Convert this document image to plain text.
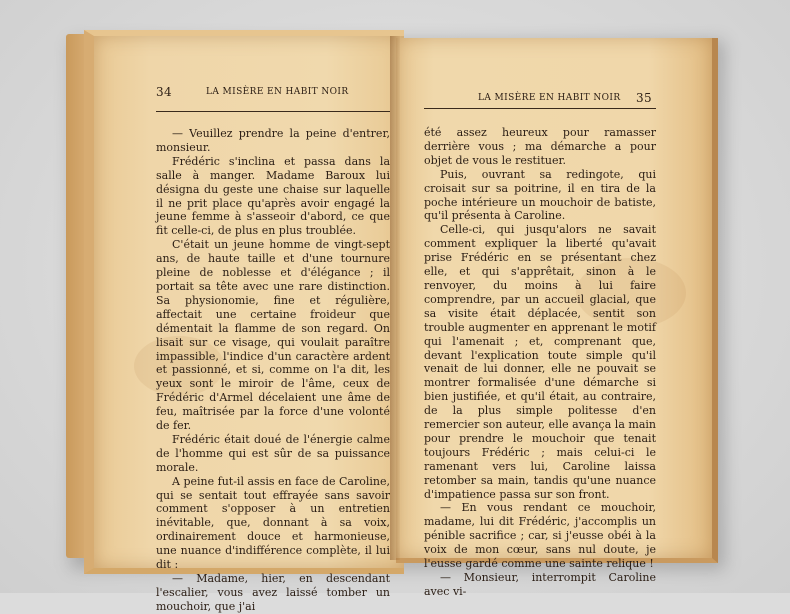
34	LA MISÈRE EN HABIT NOIR

— Veuillez prendre la peine d'entrer, monsieur.

Frédéric s'inclina et passa dans la salle à manger. Madame Baroux lui désigna du geste une chaise sur laquelle il ne prit place qu'après avoir engagé la jeune femme à s'asseoir d'abord, ce que fit celle-ci, de plus en plus troublée.

C'était un jeune homme de vingt-sept ans, de haute taille et d'une tournure pleine de noblesse et d'élégance ; il portait sa tête avec une rare distinction. Sa physionomie, fine et régulière, affectait une certaine froideur que démentait la flamme de son regard. On lisait sur ce visage, qui voulait paraître impassible, l'indice d'un caractère ardent et passionné, et si, comme on l'a dit, les yeux sont le miroir de l'âme, ceux de Frédéric d'Armel décelaient une âme de feu, maîtrisée par la force d'une volonté de fer.

Frédéric était doué de l'énergie calme de l'homme qui est sûr de sa puissance morale.

A peine fut-il assis en face de Caroline, qui se sentait tout effrayée sans savoir comment s'opposer à un entretien inévitable, que, donnant à sa voix, ordinairement douce et harmonieuse, une nuance d'indifférence complète, il lui dit :

— Madame, hier, en descendant l'escalier, vous avez laissé tomber un mouchoir, que j'ai

LA MISÈRE EN HABIT NOIR 35

été assez heureux pour ramasser derrière vous ; ma démarche a pour objet de vous le restituer.

Puis, ouvrant sa redingote, qui croisait sur sa poitrine, il en tira de la poche intérieure un mouchoir de batiste, qu'il présenta à Caroline.

Celle-ci, qui jusqu'alors ne savait comment expliquer la liberté qu'avait prise Frédéric en se présentant chez elle, et qui s'apprêtait, sinon à le renvoyer, du moins à lui faire comprendre, par un accueil glacial, que sa visite était déplacée, sentit son trouble augmenter en apprenant le motif qui l'amenait ; et, comprenant que, devant l'explication toute simple qu'il venait de lui donner, elle ne pouvait se montrer formalisée d'une démarche si bien justifiée, et qu'il était, au contraire, de la plus simple politesse d'en remercier son auteur, elle avança la main pour prendre le mouchoir que tenait toujours Frédéric ; mais celui-ci le ramenant vers lui, Caroline laissa retomber sa main, tandis qu'une nuance d'impatience passa sur son front.

— En vous rendant ce mouchoir, madame, lui dit Frédéric, j'accomplis un pénible sacrifice ; car, si j'eusse obéi à la voix de mon cœur, sans nul doute, je l'eusse gardé comme une sainte relique !

— Monsieur, interrompit Caroline avec vi-
